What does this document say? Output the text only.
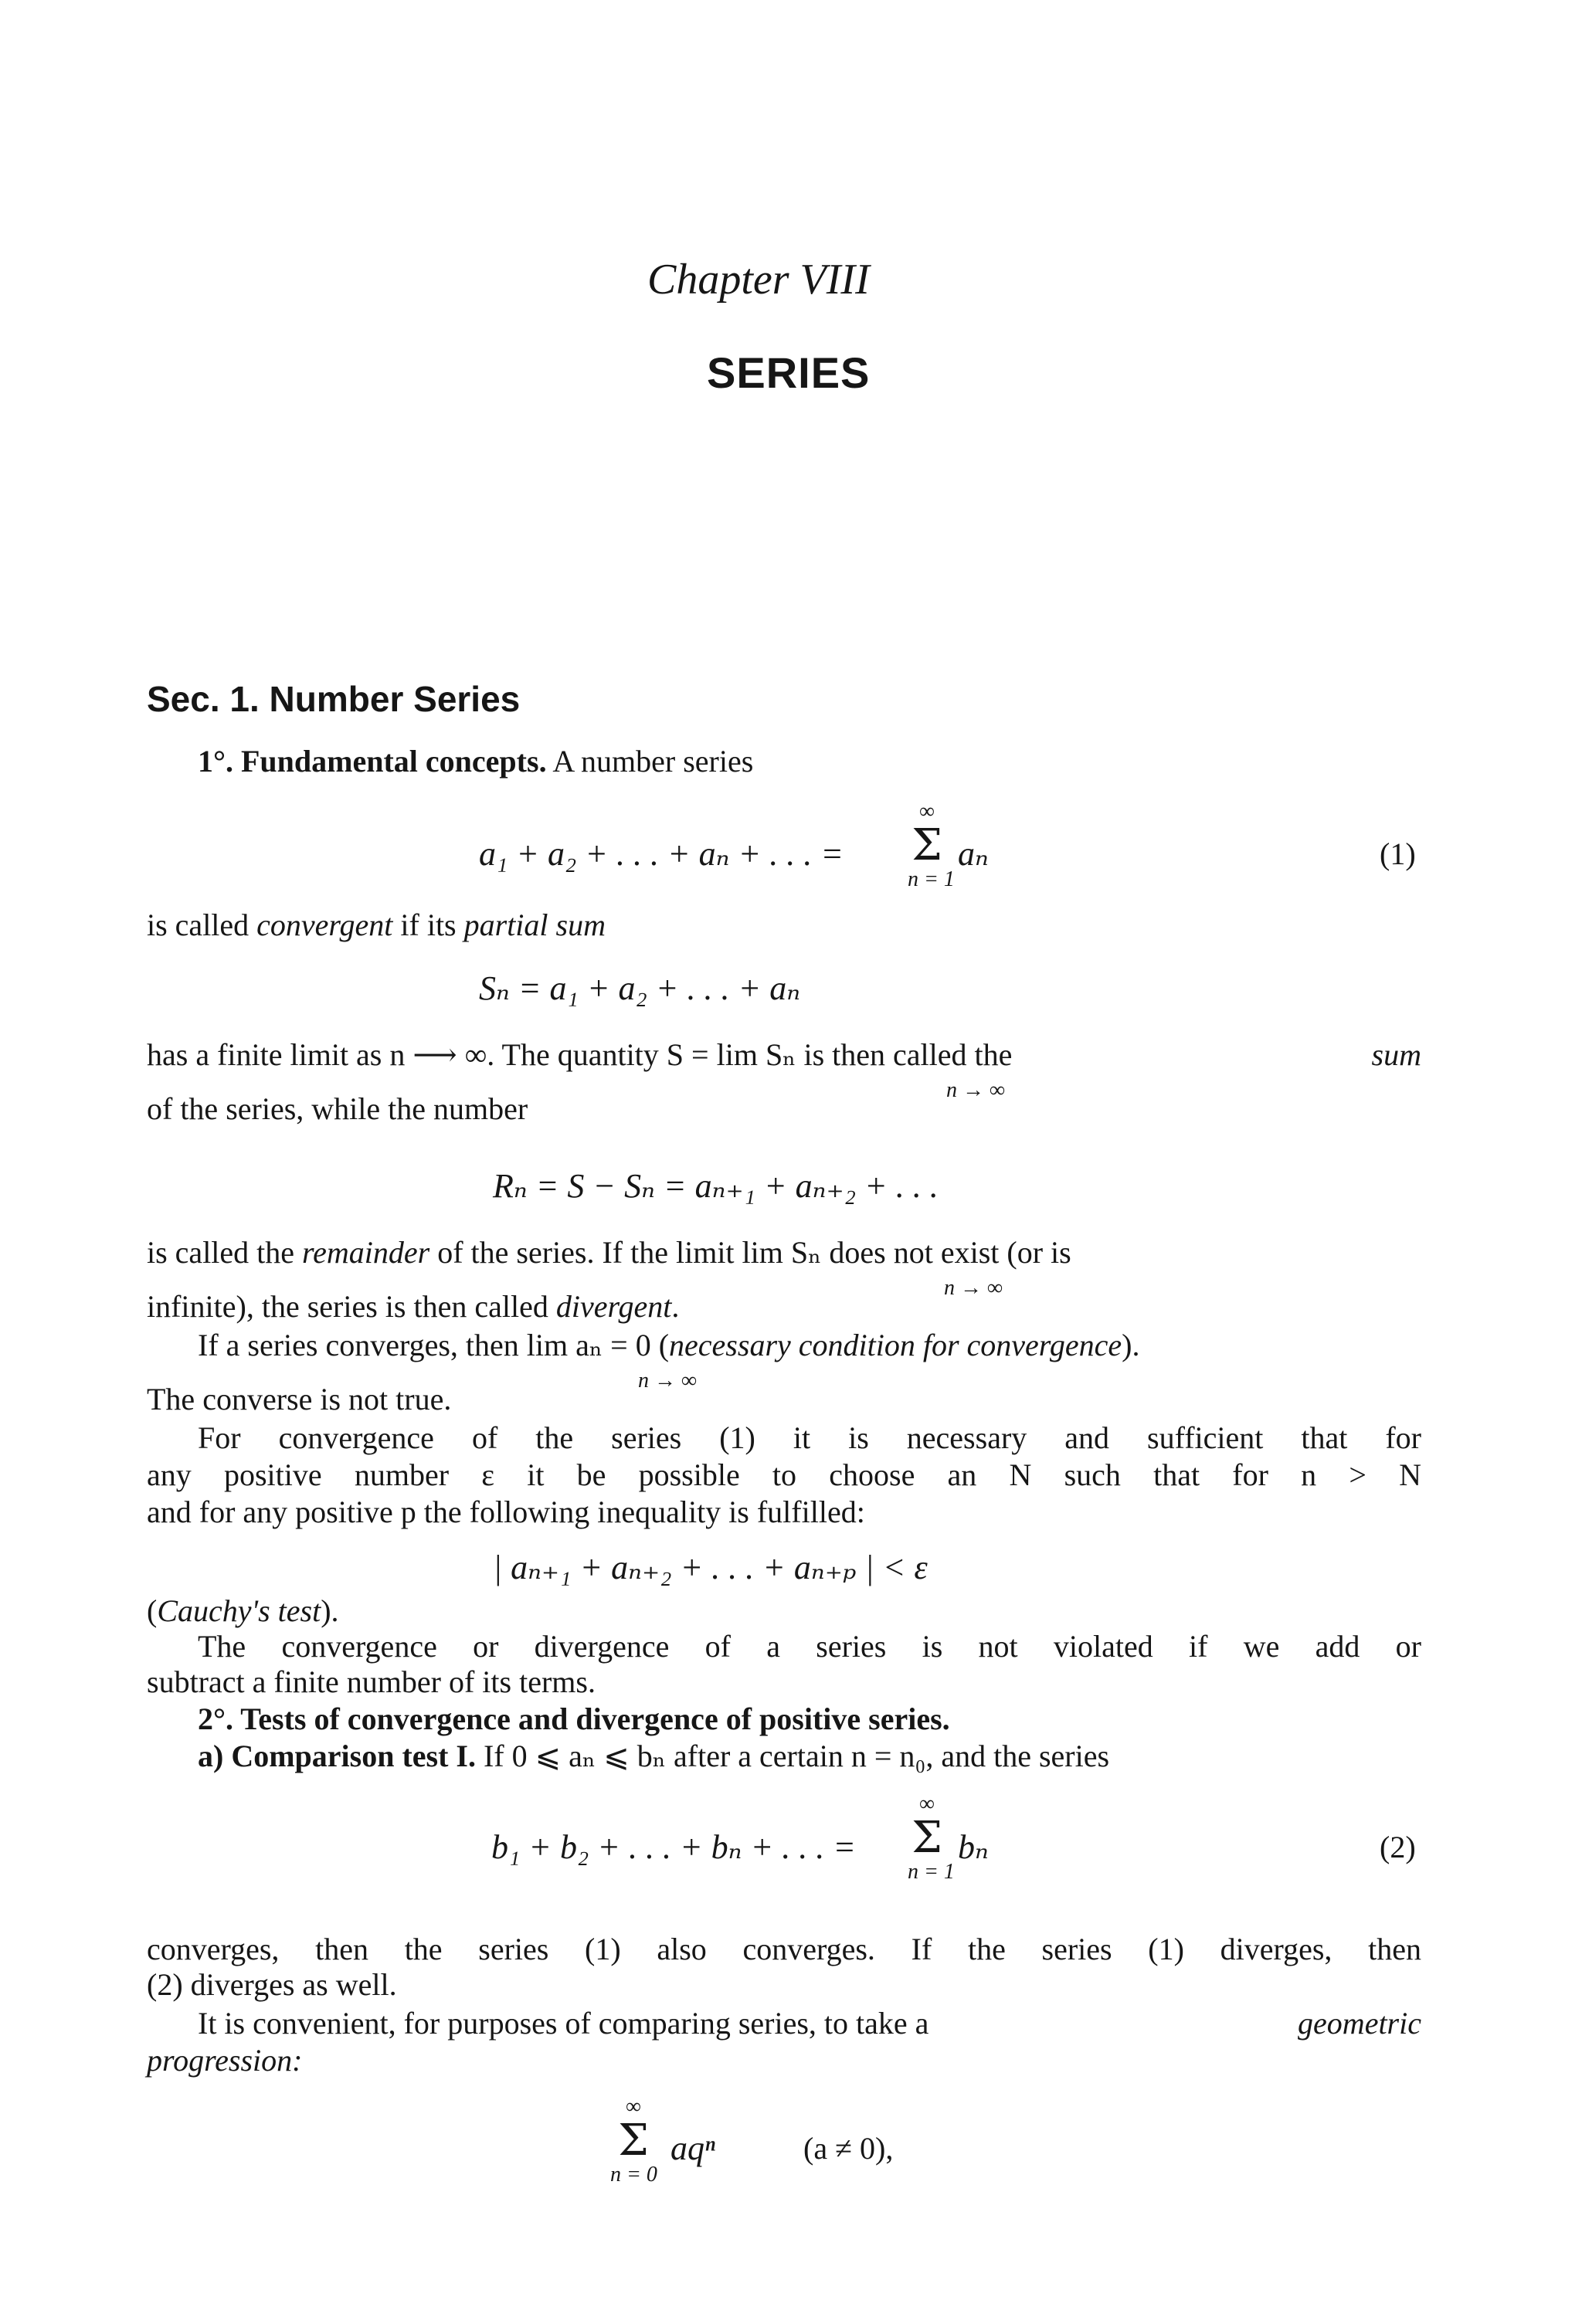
Chapter VIII
SERIES
Sec. 1. Number Series
1°. Fundamental concepts. A number series
a₁ + a₂ + . . . + aₙ + . . . =
∞
Σ
n = 1
aₙ	(1)
is called convergent if its partial sum
Sₙ = a₁ + a₂ + . . . + aₙ
has a finite limit as n ⟶ ∞. The quantity S = lim Sₙ is then called the	sum
n → ∞
of the series, while the number
Rₙ = S − Sₙ = aₙ₊₁ + aₙ₊₂ + . . .
is called the remainder of the series. If the limit lim Sₙ does not exist (or is
n → ∞
infinite), the series is then called divergent.
If a series converges, then lim aₙ = 0 (necessary condition for convergence).
n → ∞
The converse is not true.
For convergence of the series (1) it is necessary and sufficient that for
any positive number ε it be possible to choose an N such that for n > N
and for any positive p the following inequality is fulfilled:
| aₙ₊₁ + aₙ₊₂ + . . . + aₙ₊ₚ | < ε
(Cauchy's test).
The convergence or divergence of a series is not violated if we add or
subtract a finite number of its terms.
2°. Tests of convergence and divergence of positive series.
a) Comparison test I. If 0 ⩽ aₙ ⩽ bₙ after a certain n = n₀, and the series
b₁ + b₂ + . . . + bₙ + . . . =
∞
Σ
n = 1
bₙ	(2)
converges, then the series (1) also converges. If the series (1) diverges, then
(2) diverges as well.
It is convenient, for purposes of comparing series, to take a	geometric
progression:
∞
Σ
n = 0
aqⁿ	(a ≠ 0),
